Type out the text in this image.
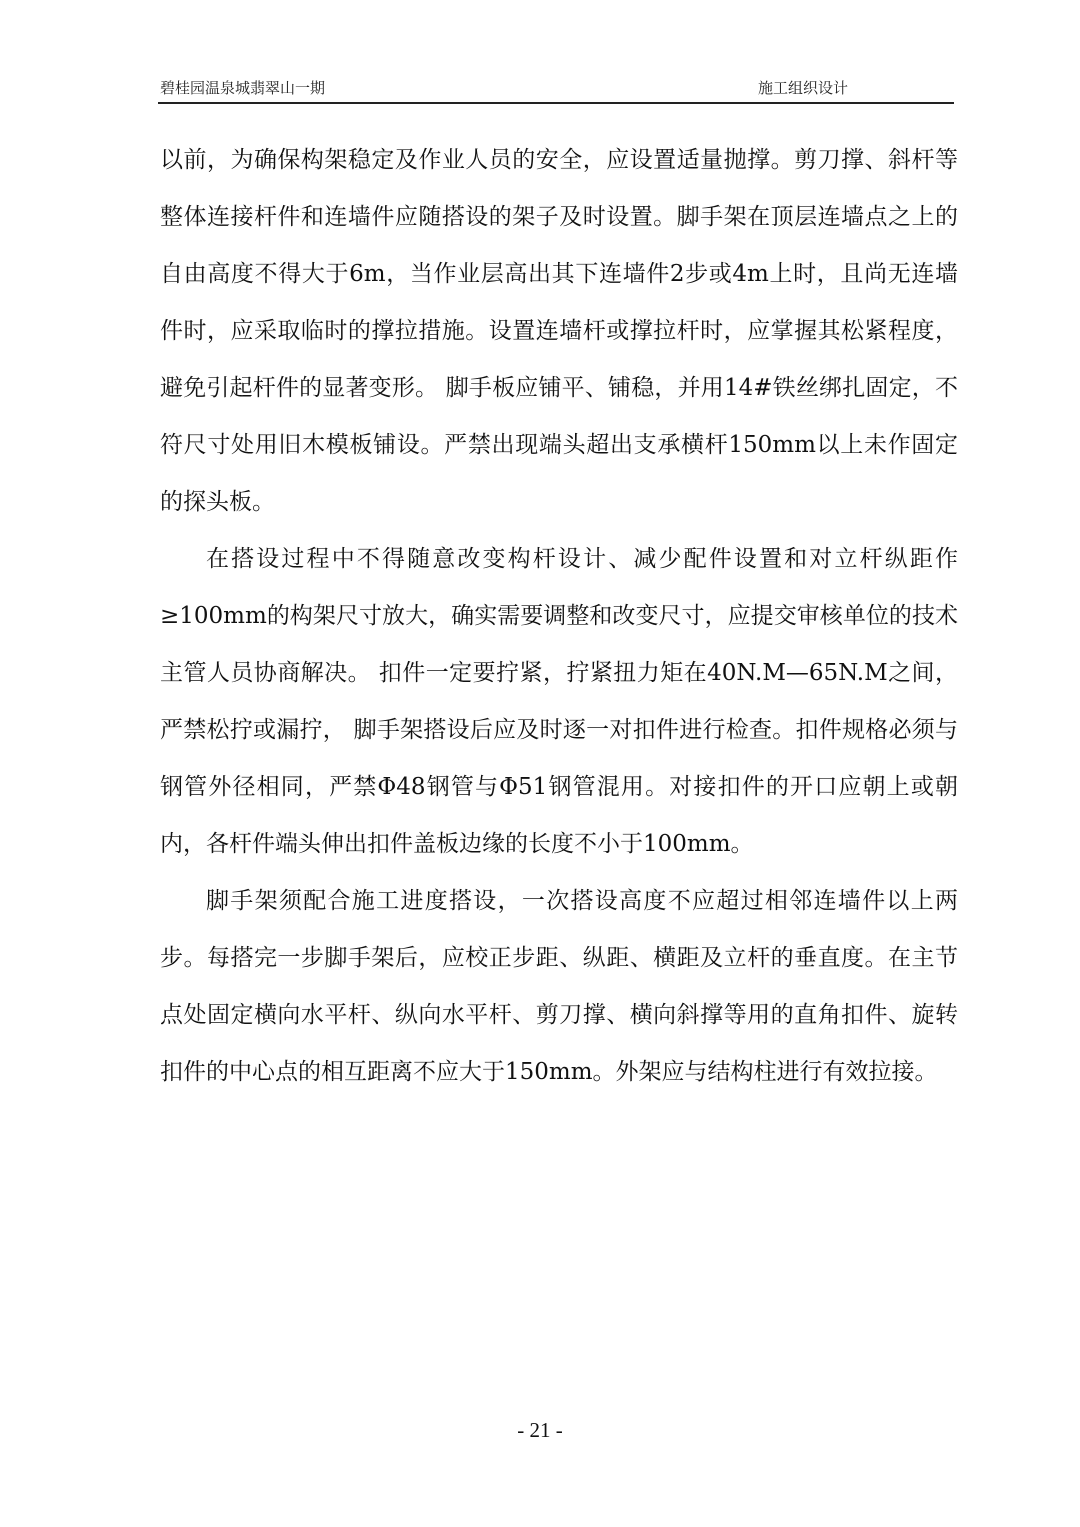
碧桂园温泉城翡翠山一期	施工组织设计

以前，为确保构架稳定及作业人员的安全，应设置适量抛撑。剪刀撑、斜杆等整体连接杆件和连墙件应随搭设的架子及时设置。脚手架在顶层连墙点之上的自由高度不得大于6m，当作业层高出其下连墙件2步或4m上时，且尚无连墙件时，应采取临时的撑拉措施。设置连墙杆或撑拉杆时，应掌握其松紧程度，避免引起杆件的显著变形。 脚手板应铺平、铺稳，并用14#铁丝绑扎固定，不符尺寸处用旧木模板铺设。严禁出现端头超出支承横杆150mm以上未作固定的探头板。

在搭设过程中不得随意改变构杆设计、减少配件设置和对立杆纵距作≥100mm的构架尺寸放大，确实需要调整和改变尺寸，应提交审核单位的技术主管人员协商解决。 扣件一定要拧紧，拧紧扭力矩在40N.M—65N.M之间，严禁松拧或漏拧， 脚手架搭设后应及时逐一对扣件进行检查。扣件规格必须与钢管外径相同，严禁Φ48钢管与Φ51钢管混用。对接扣件的开口应朝上或朝内，各杆件端头伸出扣件盖板边缘的长度不小于100mm。

脚手架须配合施工进度搭设，一次搭设高度不应超过相邻连墙件以上两步。每搭完一步脚手架后，应校正步距、纵距、横距及立杆的垂直度。在主节点处固定横向水平杆、纵向水平杆、剪刀撑、横向斜撑等用的直角扣件、旋转扣件的中心点的相互距离不应大于150mm。外架应与结构柱进行有效拉接。

- 21 -
